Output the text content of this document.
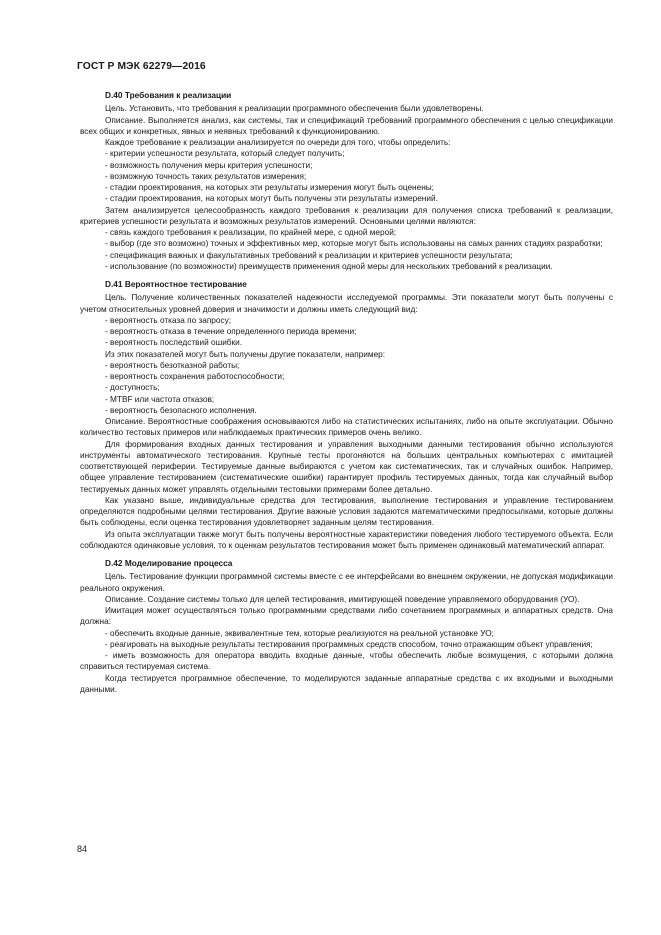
ГОСТ Р МЭК 62279—2016
D.40 Требования к реализации

Цель. Установить, что требования к реализации программного обеспечения были удовлетворены.

Описание. Выполняется анализ, как системы, так и спецификаций требований программного обеспечения с целью спецификации всех общих и конкретных, явных и неявных требований к функционированию.

Каждое требование к реализации анализируется по очереди для того, чтобы определить:

- критерии успешности результата, который следует получить;

- возможность получения меры критерия успешности;

- возможную точность таких результатов измерения;

- стадии проектирования, на которых эти результаты измерения могут быть оценены;

- стадии проектирования, на которых могут быть получены эти результаты измерений.

Затем анализируется целесообразность каждого требования к реализации для получения списка требований к реализации, критериев успешности результата и возможных результатов измерений. Основными целями являются:

- связь каждого требования к реализации, по крайней мере, с одной мерой;

- выбор (где это возможно) точных и эффективных мер, которые могут быть использованы на самых ранних стадиях разработки;

- спецификация важных и факультативных требований к реализации и критериев успешности результата;

- использование (по возможности) преимуществ применения одной меры для нескольких требований к реализации.

D.41 Вероятностное тестирование

Цель. Получение количественных показателей надежности исследуемой программы. Эти показатели могут быть получены с учетом относительных уровней доверия и значимости и должны иметь следующий вид:

- вероятность отказа по запросу;

- вероятность отказа в течение определенного периода времени;

- вероятность последствий ошибки.

Из этих показателей могут быть получены другие показатели, например:

- вероятность безотказной работы;

- вероятность сохранения работоспособности;

- доступность;

- MTBF или частота отказов;

- вероятность безопасного исполнения.

Описание. Вероятностные соображения основываются либо на статистических испытаниях, либо на опыте эксплуатации. Обычно количество тестовых примеров или наблюдаемых практических примеров очень велико.

Для формирования входных данных тестирования и управления выходными данными тестирования обычно используются инструменты автоматического тестирования. Крупные тесты прогоняются на больших центральных компьютерах с имитацией соответствующей периферии. Тестируемые данные выбираются с учетом как систематических, так и случайных ошибок. Например, общее управление тестированием (систематические ошибки) гарантирует профиль тестируемых данных, тогда как случайный выбор тестируемых данных может управлять отдельными тестовыми примерами более детально.

Как указано выше, индивидуальные средства для тестирования, выполнение тестирования и управление тестированием определяются подробными целями тестирования. Другие важные условия задаются математическими предпосылками, которые должны быть соблюдены, если оценка тестирования удовлетворяет заданным целям тестирования.

Из опыта эксплуатации также могут быть получены вероятностные характеристики поведения любого тестируемого объекта. Если соблюдаются одинаковые условия, то к оценкам результатов тестирования может быть применен одинаковый математический аппарат.

D.42 Моделирование процесса

Цель. Тестирование функции программной системы вместе с ее интерфейсами во внешнем окружении, не допуская модификации реального окружения.

Описание. Создание системы только для целей тестирования, имитирующей поведение управляемого оборудования (УО).

Имитация может осуществляться только программными средствами либо сочетанием программных и аппаратных средств. Она должна:

- обеспечить входные данные, эквивалентные тем, которые реализуются на реальной установке УО;

- реагировать на выходные результаты тестирования программных средств способом, точно отражающим объект управления;

- иметь возможность для оператора вводить входные данные, чтобы обеспечить любые возмущения, с которыми должна справиться тестируемая система.

Когда тестируется программное обеспечение, то моделируются заданные аппаратные средства с их входными и выходными данными.

84
